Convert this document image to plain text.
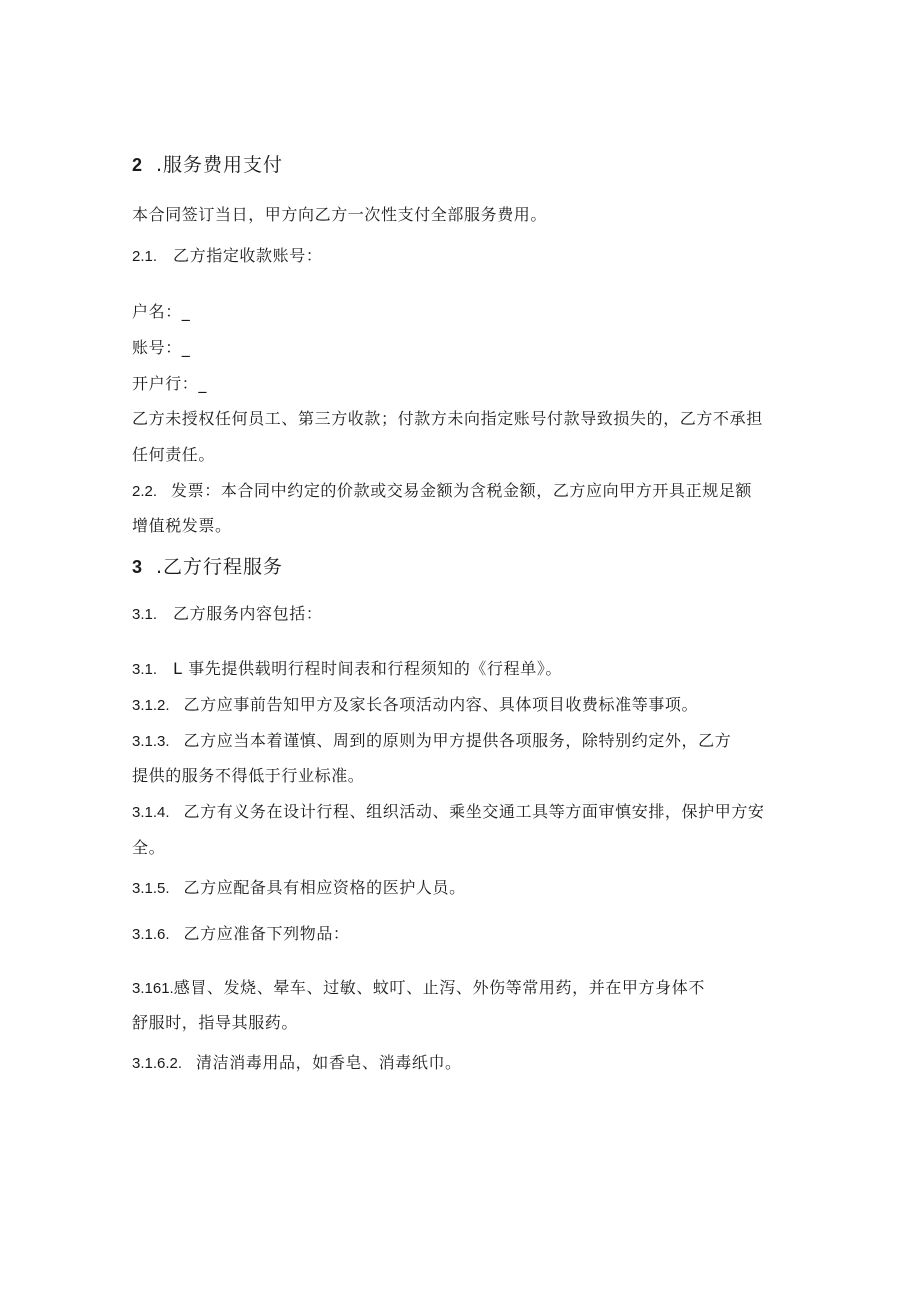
2 .服务费用支付
本合同签订当日，甲方向乙方一次性支付全部服务费用。
2.1. 乙方指定收款账号：
户名：_
账号：_
开户行：_
乙方未授权任何员工、第三方收款；付款方未向指定账号付款导致损失的，乙方不承担
任何责任。
2.2. 发票：本合同中约定的价款或交易金额为含税金额，乙方应向甲方开具正规足额
增值税发票。
3 .乙方行程服务
3.1. 乙方服务内容包括：
3.1. L 事先提供载明行程时间表和行程须知的《行程单》。
3.1.2. 乙方应事前告知甲方及家长各项活动内容、具体项目收费标准等事项。
3.1.3. 乙方应当本着谨慎、周到的原则为甲方提供各项服务，除特别约定外，乙方
提供的服务不得低于行业标准。
3.1.4. 乙方有义务在设计行程、组织活动、乘坐交通工具等方面审慎安排，保护甲方安
全。
3.1.5. 乙方应配备具有相应资格的医护人员。
3.1.6. 乙方应准备下列物品：
3.161.感冒、发烧、晕车、过敏、蚊叮、止泻、外伤等常用药，并在甲方身体不
舒服时，指导其服药。
3.1.6.2. 清洁消毒用品，如香皂、消毒纸巾。
